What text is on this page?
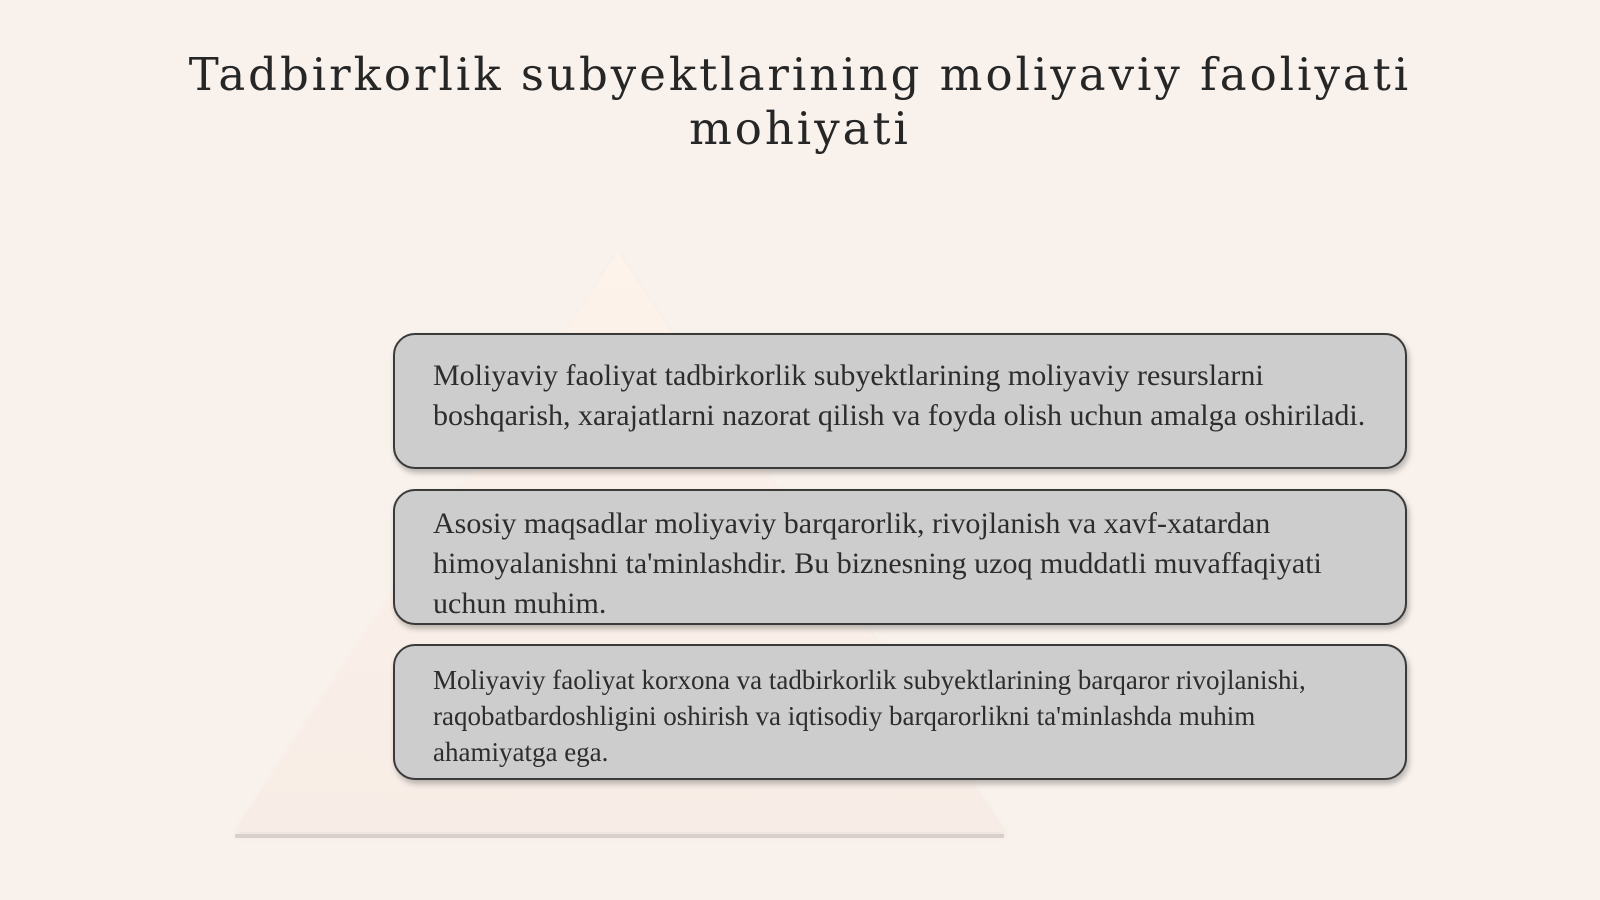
Tadbirkorlik subyektlarining moliyaviy faoliyati mohiyati

Moliyaviy faoliyat tadbirkorlik subyektlarining moliyaviy resurslarni boshqarish, xarajatlarni nazorat qilish va foyda olish uchun amalga oshiriladi.

Asosiy maqsadlar moliyaviy barqarorlik, rivojlanish va xavf-xatardan himoyalanishni ta'minlashdir. Bu biznesning uzoq muddatli muvaffaqiyati uchun muhim.

Moliyaviy faoliyat korxona va tadbirkorlik subyektlarining barqaror rivojlanishi, raqobatbardoshligini oshirish va iqtisodiy barqarorlikni ta'minlashda muhim ahamiyatga ega.
